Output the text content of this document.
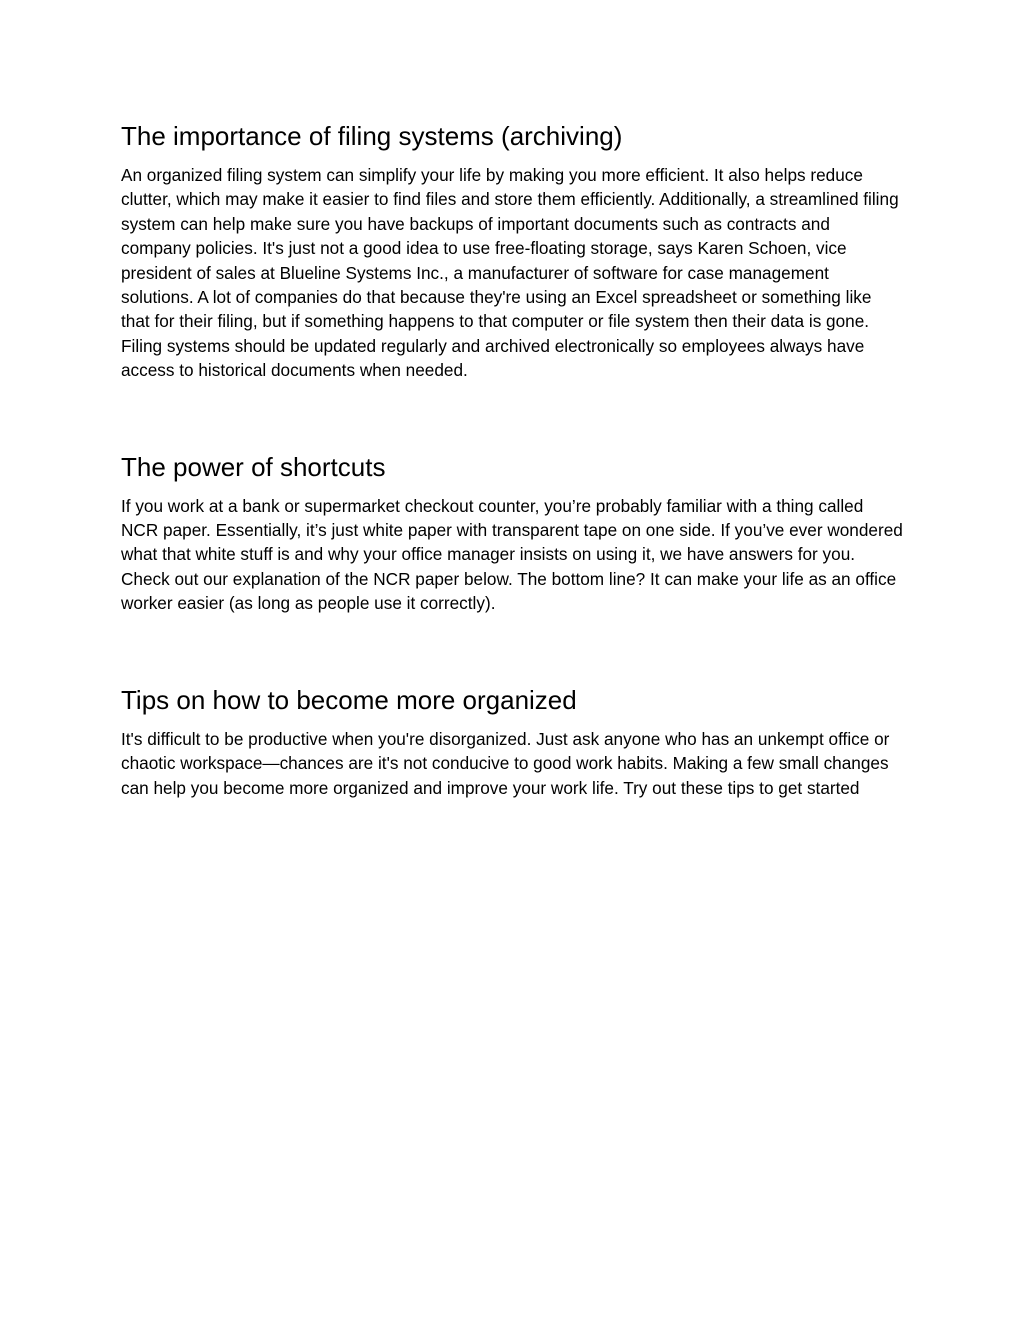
The importance of filing systems (archiving)

An organized filing system can simplify your life by making you more efficient. It also helps reduce clutter, which may make it easier to find files and store them efficiently. Additionally, a streamlined filing system can help make sure you have backups of important documents such as contracts and company policies. It's just not a good idea to use free-floating storage, says Karen Schoen, vice president of sales at Blueline Systems Inc., a manufacturer of software for case management solutions. A lot of companies do that because they're using an Excel spreadsheet or something like that for their filing, but if something happens to that computer or file system then their data is gone. Filing systems should be updated regularly and archived electronically so employees always have access to historical documents when needed.

The power of shortcuts

If you work at a bank or supermarket checkout counter, you’re probably familiar with a thing called NCR paper. Essentially, it’s just white paper with transparent tape on one side. If you’ve ever wondered what that white stuff is and why your office manager insists on using it, we have answers for you. Check out our explanation of the NCR paper below. The bottom line? It can make your life as an office worker easier (as long as people use it correctly).

Tips on how to become more organized

It's difficult to be productive when you're disorganized. Just ask anyone who has an unkempt office or chaotic workspace—chances are it's not conducive to good work habits. Making a few small changes can help you become more organized and improve your work life. Try out these tips to get started
